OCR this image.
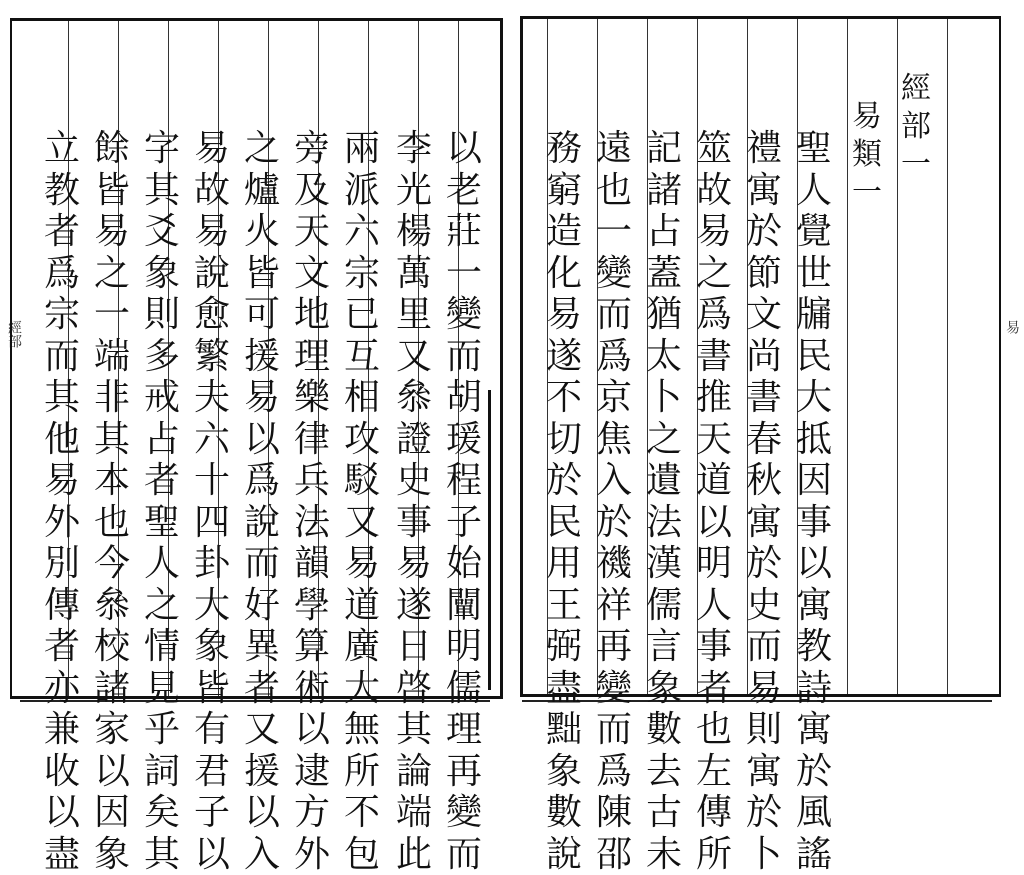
經部
以
老
莊
一
變
而
胡
瑗
程
子
始
闡
明
儒
理
再
變
而
李
光
楊
萬
里
又
叅
證
史
事
易
遂
日
啓
其
論
端
此
兩
派
六
宗
已
互
相
攻
駁
又
易
道
廣
大
無
所
不
包
旁
及
天
文
地
理
樂
律
兵
法
韻
學
算
術
以
逮
方
外
之
爐
火
皆
可
援
易
以
爲
說
而
好
異
者
又
援
以
入
易
故
易
說
愈
繁
夫
六
十
四
卦
大
象
皆
有
君
子
以
字
其
爻
象
則
多
戒
占
者
聖
人
之
情
見
乎
詞
矣
其
餘
皆
易
之
一
端
非
其
本
也
今
叅
校
諸
家
以
因
象
立
教
者
爲
宗
而
其
他
易
外
別
傳
者
亦
兼
收
以
盡
易
經
部
一
易
類
一
聖
人
覺
世
牖
民
大
抵
因
事
以
寓
教
詩
寓
於
風
謠
禮
寓
於
節
文
尚
書
春
秋
寓
於
史
而
易
則
寓
於
卜
筮
故
易
之
爲
書
推
天
道
以
明
人
事
者
也
左
傳
所
記
諸
占
蓋
猶
太
卜
之
遺
法
漢
儒
言
象
數
去
古
未
遠
也
一
變
而
爲
京
焦
入
於
禨
祥
再
變
而
爲
陳
邵
務
窮
造
化
易
遂
不
切
於
民
用
王
弼
盡
黜
象
數
說
